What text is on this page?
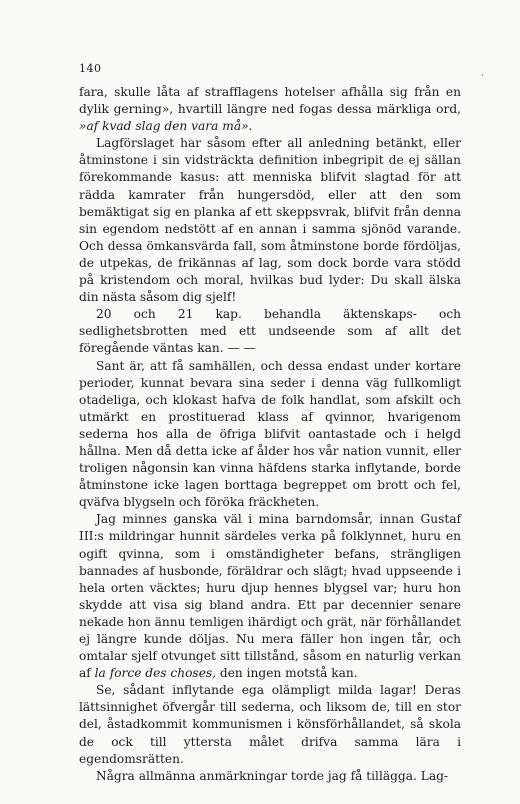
140	⸳

fara, skulle låta af strafflagens hotelser afhålla sig från en dylik gerning», hvartill längre ned fogas dessa märkliga ord, »af kvad slag den vara må».

Lagförslaget har såsom efter all anledning betänkt, eller åtminstone i sin vidsträckta definition inbegripit de ej sällan förekommande kasus: att menniska blifvit slagtad för att rädda kamrater från hungersdöd, eller att den som bemäktigat sig en planka af ett skeppsvrak, blifvit från denna sin egendom nedstött af en annan i samma sjönöd varande. Och dessa ömkansvärda fall, som åtminstone borde fördöljas, de utpekas, de frikännas af lag, som dock borde vara stödd på kristendom och moral, hvilkas bud lyder: Du skall älska din nästa såsom dig sjelf!

20 och 21 kap. behandla äktenskaps- och sedlighetsbrotten med ett undseende som af allt det föregående väntas kan. — —

Sant är, att få samhällen, och dessa endast under kortare perioder, kunnat bevara sina seder i denna väg fullkomligt otadeliga, och klokast hafva de folk handlat, som afskilt och utmärkt en prostituerad klass af qvinnor, hvarigenom sederna hos alla de öfriga blifvit oantastade och i helgd hållna. Men då detta icke af ålder hos vår nation vunnit, eller troligen någonsin kan vinna häfdens starka inflytande, borde åtminstone icke lagen borttaga begreppet om brott och fel, qväfva blygseln och föröka fräckheten.

Jag minnes ganska väl i mina barndomsår, innan Gustaf III:s mildringar hunnit särdeles verka på folklynnet, huru en ogift qvinna, som i omständigheter befans, strängligen bannades af husbonde, föräldrar och slägt; hvad uppseende i hela orten väcktes; huru djup hennes blygsel var; huru hon skydde att visa sig bland andra. Ett par decennier senare nekade hon ännu temligen ihärdigt och grät, när förhållandet ej längre kunde döljas. Nu mera fäller hon ingen tår, och omtalar sjelf otvunget sitt tillstånd, såsom en naturlig verkan af la force des choses, den ingen motstå kan.

Se, sådant inflytande ega olämpligt milda lagar! Deras lättsinnighet öfvergår till sederna, och liksom de, till en stor del, åstadkommit kommunismen i könsförhållandet, så skola de ock till yttersta målet drifva samma lära i egendomsrätten.

Några allmänna anmärkningar torde jag få tillägga. Lag-
